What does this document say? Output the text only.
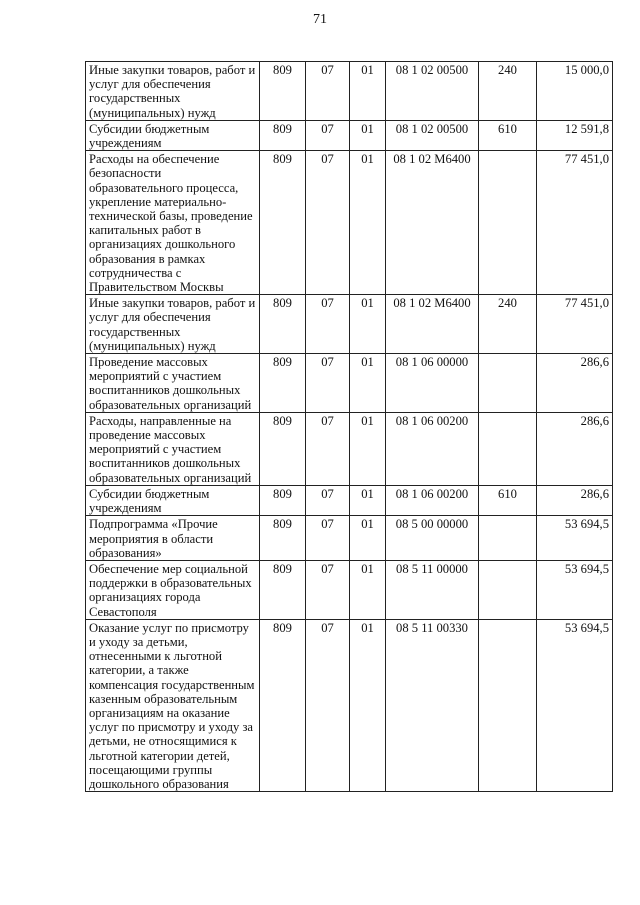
71
Иные закупки товаров, работ и услуг для обеспечения государственных (муниципальных) нужд	809	07	01	08 1 02 00500	240	15 000,0
Субсидии бюджетным учреждениям	809	07	01	08 1 02 00500	610	12 591,8
Расходы на обеспечение безопасности образовательного процесса, укрепление материально-технической базы, проведение капитальных работ в организациях дошкольного образования в рамках сотрудничества с Правительством Москвы	809	07	01	08 1 02 М6400		77 451,0
Иные закупки товаров, работ и услуг для обеспечения государственных (муниципальных) нужд	809	07	01	08 1 02 М6400	240	77 451,0
Проведение массовых мероприятий с участием воспитанников дошкольных образовательных организаций	809	07	01	08 1 06 00000		286,6
Расходы, направленные на проведение массовых мероприятий с участием воспитанников дошкольных образовательных организаций	809	07	01	08 1 06 00200		286,6
Субсидии бюджетным учреждениям	809	07	01	08 1 06 00200	610	286,6
Подпрограмма «Прочие мероприятия в области образования»	809	07	01	08 5 00 00000		53 694,5
Обеспечение мер социальной поддержки в образовательных организациях города Севастополя	809	07	01	08 5 11 00000		53 694,5
Оказание услуг по присмотру и уходу за детьми, отнесенными к льготной категории, а также компенсация государственным казенным образовательным организациям на оказание услуг по присмотру и уходу за детьми, не относящимися к льготной категории детей, посещающими группы дошкольного образования	809	07	01	08 5 11 00330		53 694,5
